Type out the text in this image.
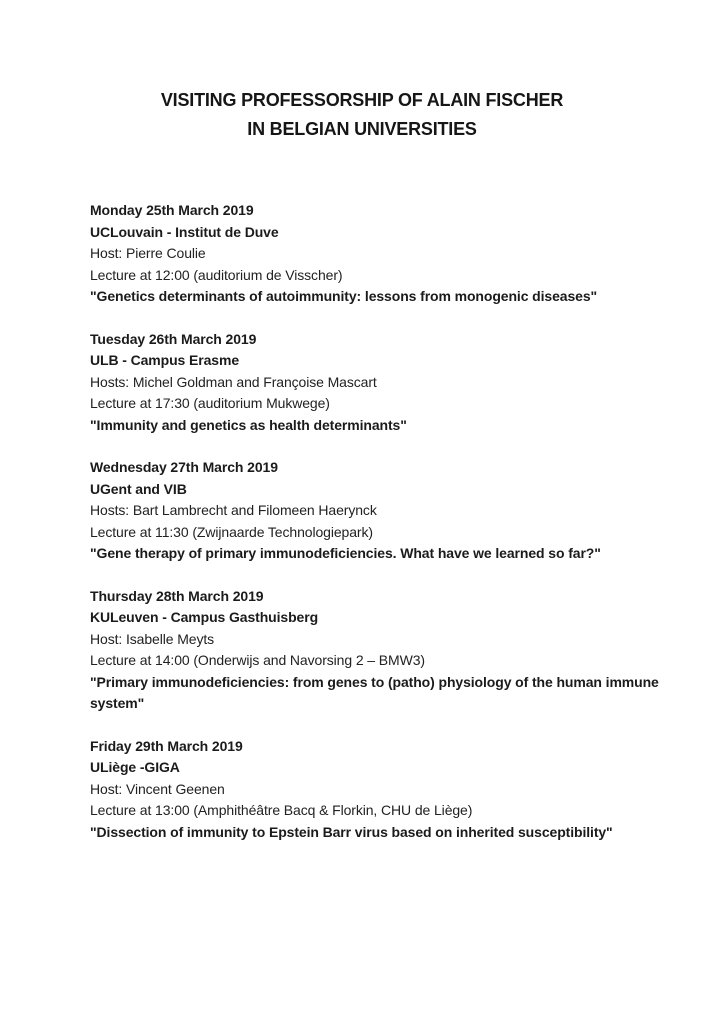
VISITING PROFESSORSHIP OF ALAIN FISCHER
IN BELGIAN UNIVERSITIES

Monday 25th March 2019

UCLouvain - Institut de Duve

Host: Pierre Coulie

Lecture at 12:00 (auditorium de Visscher)

"Genetics determinants of autoimmunity: lessons from monogenic diseases"

Tuesday 26th March 2019

ULB - Campus Erasme

Hosts: Michel Goldman and Françoise Mascart

Lecture at 17:30 (auditorium Mukwege)

"Immunity and genetics as health determinants"

Wednesday 27th March 2019

UGent and VIB

Hosts: Bart Lambrecht and Filomeen Haerynck

Lecture at 11:30 (Zwijnaarde Technologiepark)

"Gene therapy of primary immunodeficiencies. What have we learned so far?"

Thursday 28th March 2019

KULeuven - Campus Gasthuisberg

Host: Isabelle Meyts

Lecture at 14:00 (Onderwijs and Navorsing 2 – BMW3)

"Primary immunodeficiencies: from genes to (patho) physiology of the human immune system"

Friday 29th March 2019

ULiège -GIGA

Host: Vincent Geenen

Lecture at 13:00 (Amphithéâtre Bacq & Florkin, CHU de Liège)

"Dissection of immunity to Epstein Barr virus based on inherited susceptibility"
